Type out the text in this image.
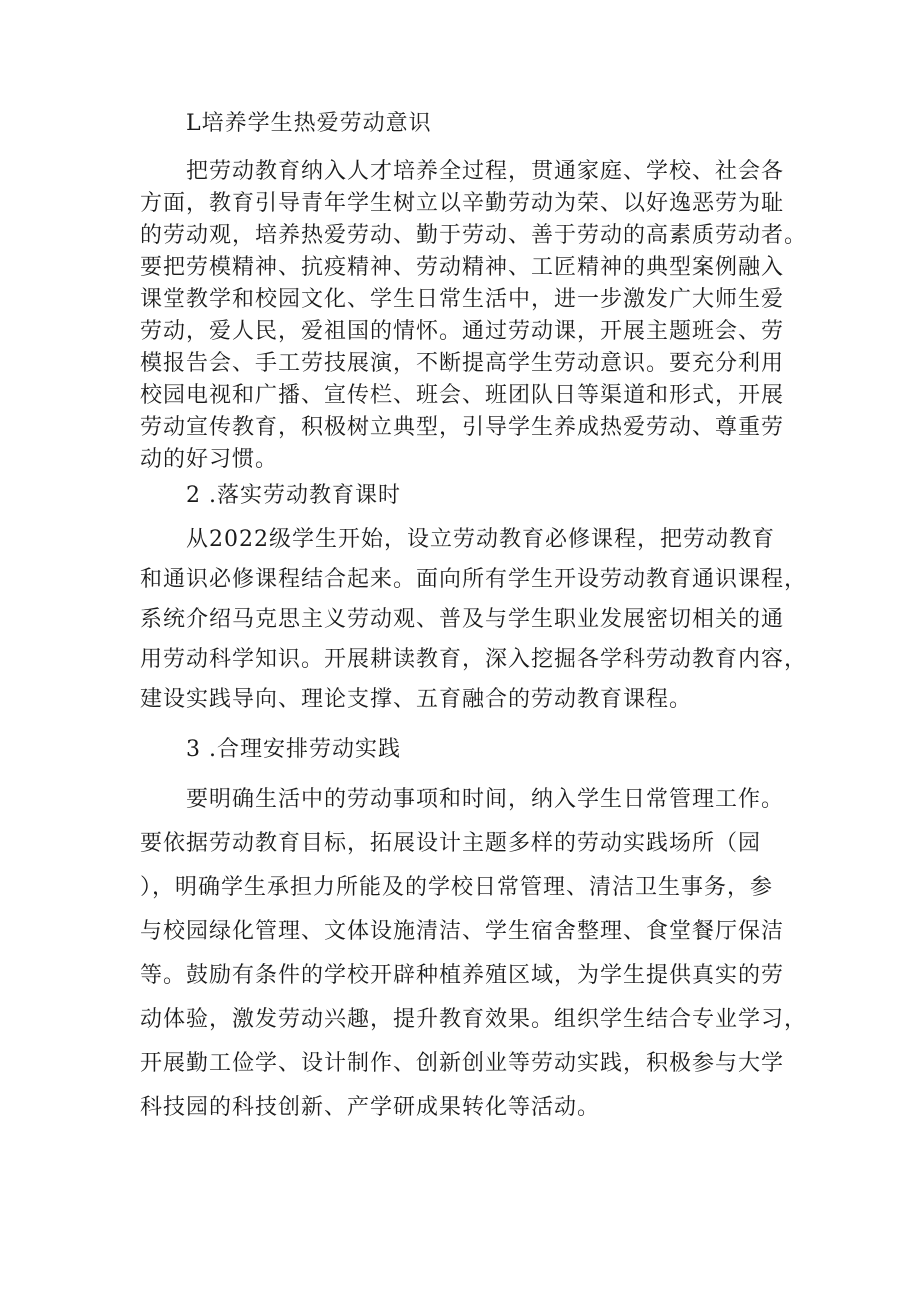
L培养学生热爱劳动意识

把劳动教育纳入人才培养全过程，贯通家庭、学校、社会各

方面，教育引导青年学生树立以辛勤劳动为荣、以好逸恶劳为耻

的劳动观，培养热爱劳动、勤于劳动、善于劳动的高素质劳动者。

要把劳模精神、抗疫精神、劳动精神、工匠精神的典型案例融入

课堂教学和校园文化、学生日常生活中，进一步激发广大师生爱

劳动，爱人民，爱祖国的情怀。通过劳动课，开展主题班会、劳

模报告会、手工劳技展演，不断提高学生劳动意识。要充分利用

校园电视和广播、宣传栏、班会、班团队日等渠道和形式，开展

劳动宣传教育，积极树立典型，引导学生养成热爱劳动、尊重劳

动的好习惯。

2 .落实劳动教育课时

从2022级学生开始，设立劳动教育必修课程，把劳动教育

和通识必修课程结合起来。面向所有学生开设劳动教育通识课程，

系统介绍马克思主义劳动观、普及与学生职业发展密切相关的通

用劳动科学知识。开展耕读教育，深入挖掘各学科劳动教育内容，

建设实践导向、理论支撑、五育融合的劳动教育课程。

3 .合理安排劳动实践

要明确生活中的劳动事项和时间，纳入学生日常管理工作。

要依据劳动教育目标，拓展设计主题多样的劳动实践场所（园

），明确学生承担力所能及的学校日常管理、清洁卫生事务，参

与校园绿化管理、文体设施清洁、学生宿舍整理、食堂餐厅保洁

等。鼓励有条件的学校开辟种植养殖区域，为学生提供真实的劳

动体验，激发劳动兴趣，提升教育效果。组织学生结合专业学习，

开展勤工俭学、设计制作、创新创业等劳动实践，积极参与大学

科技园的科技创新、产学研成果转化等活动。
